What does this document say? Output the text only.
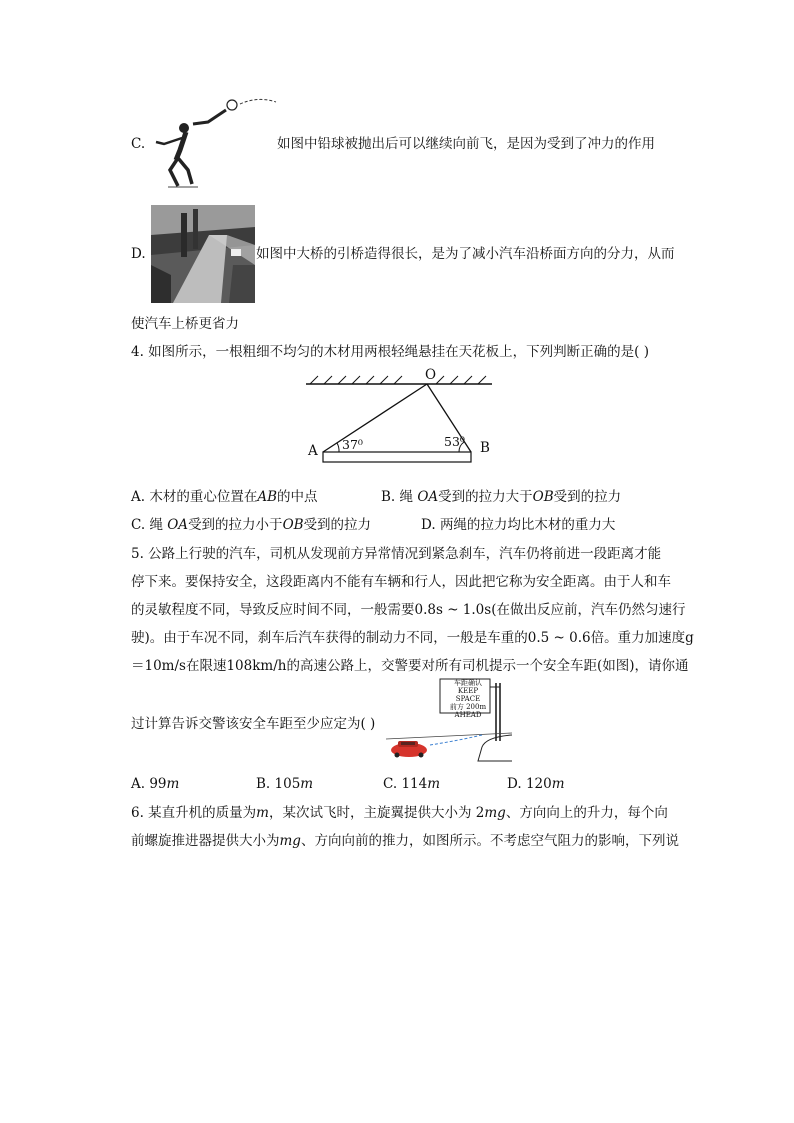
C.	如图中铅球被抛出后可以继续向前飞，是因为受到了冲力的作用
D.	如图中大桥的引桥造得很长，是为了减小汽车沿桥面方向的分力，从而
使汽车上桥更省力
4. 如图所示，一根粗细不均匀的木材用两根轻绳悬挂在天花板上，下列判断正确的是( )
O
A	B
37⁰	53⁰
A. 木材的重心位置在AB的中点	B. 绳 OA受到的拉力大于OB受到的拉力
C. 绳 OA受到的拉力小于OB受到的拉力	D. 两绳的拉力均比木材的重力大
5. 公路上行驶的汽车，司机从发现前方异常情况到紧急刹车，汽车仍将前进一段距离才能
停下来。要保持安全，这段距离内不能有车辆和行人，因此把它称为安全距离。由于人和车
的灵敏程度不同，导致反应时间不同，一般需要0.8s ~ 1.0s(在做出反应前，汽车仍然匀速行
驶)。由于车况不同，刹车后汽车获得的制动力不同，一般是车重的0.5 ~ 0.6倍。重力加速度g
＝10m/s在限速108km/h的高速公路上，交警要对所有司机提示一个安全车距(如图)，请你通
过计算告诉交警该安全车距至少应定为( )
车距确认
KEEP SPACE
前方 200m
AHEAD
A. 99m	B. 105m	C. 114m	D. 120m
6. 某直升机的质量为m，某次试飞时，主旋翼提供大小为 2mg、方向向上的升力，每个向
前螺旋推进器提供大小为mg、方向向前的推力，如图所示。不考虑空气阻力的影响，下列说
